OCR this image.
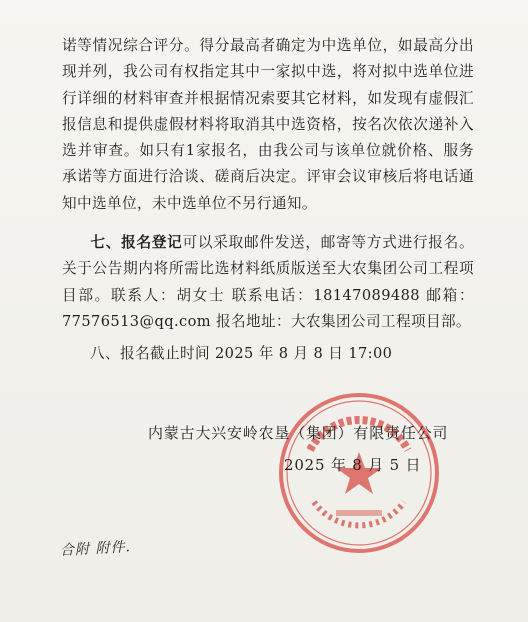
诺等情况综合评分。得分最高者确定为中选单位，如最高分出现并列，我公司有权指定其中一家拟中选，将对拟中选单位进行详细的材料审查并根据情况索要其它材料，如发现有虚假汇报信息和提供虚假材料将取消其中选资格，按名次依次递补入选并审查。如只有1家报名，由我公司与该单位就价格、服务承诺等方面进行洽谈、磋商后决定。评审会议审核后将电话通知中选单位，未中选单位不另行通知。
七、报名登记可以采取邮件发送，邮寄等方式进行报名。关于公告期内将所需比选材料纸质版送至大农集团公司工程项目部。联系人：胡女士 联系电话：18147089488 邮箱：77576513@qq.com 报名地址：大农集团公司工程项目部。
八、报名截止时间 2025 年 8 月 8 日 17:00
内蒙古大兴安岭农垦（集团）有限责任公司
2025 年 8 月 5 日
合附 附件.
